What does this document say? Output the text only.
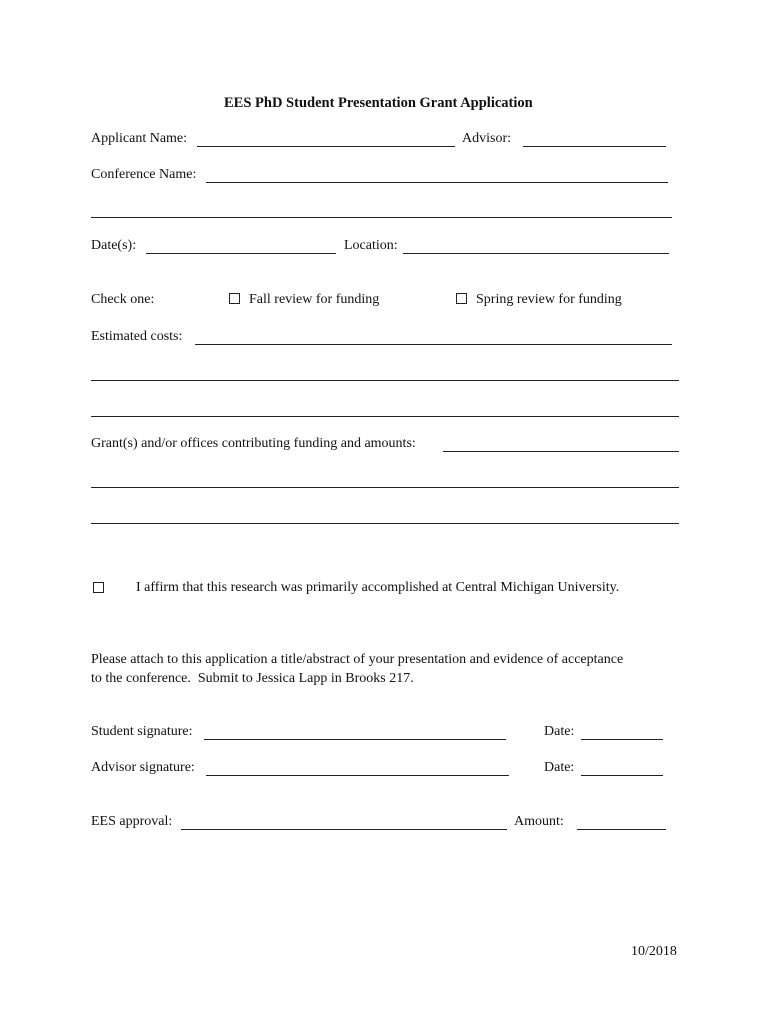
EES PhD Student Presentation Grant Application
Applicant Name:	Advisor:
Conference Name:
Date(s):	Location:
Check one:	Fall review for funding	Spring review for funding
Estimated costs:
Grant(s) and/or offices contributing funding and amounts:
I affirm that this research was primarily accomplished at Central Michigan University.
Please attach to this application a title/abstract of your presentation and evidence of acceptance
to the conference.  Submit to Jessica Lapp in Brooks 217.
Student signature:	Date:
Advisor signature:	Date:
EES approval:	Amount:
10/2018
